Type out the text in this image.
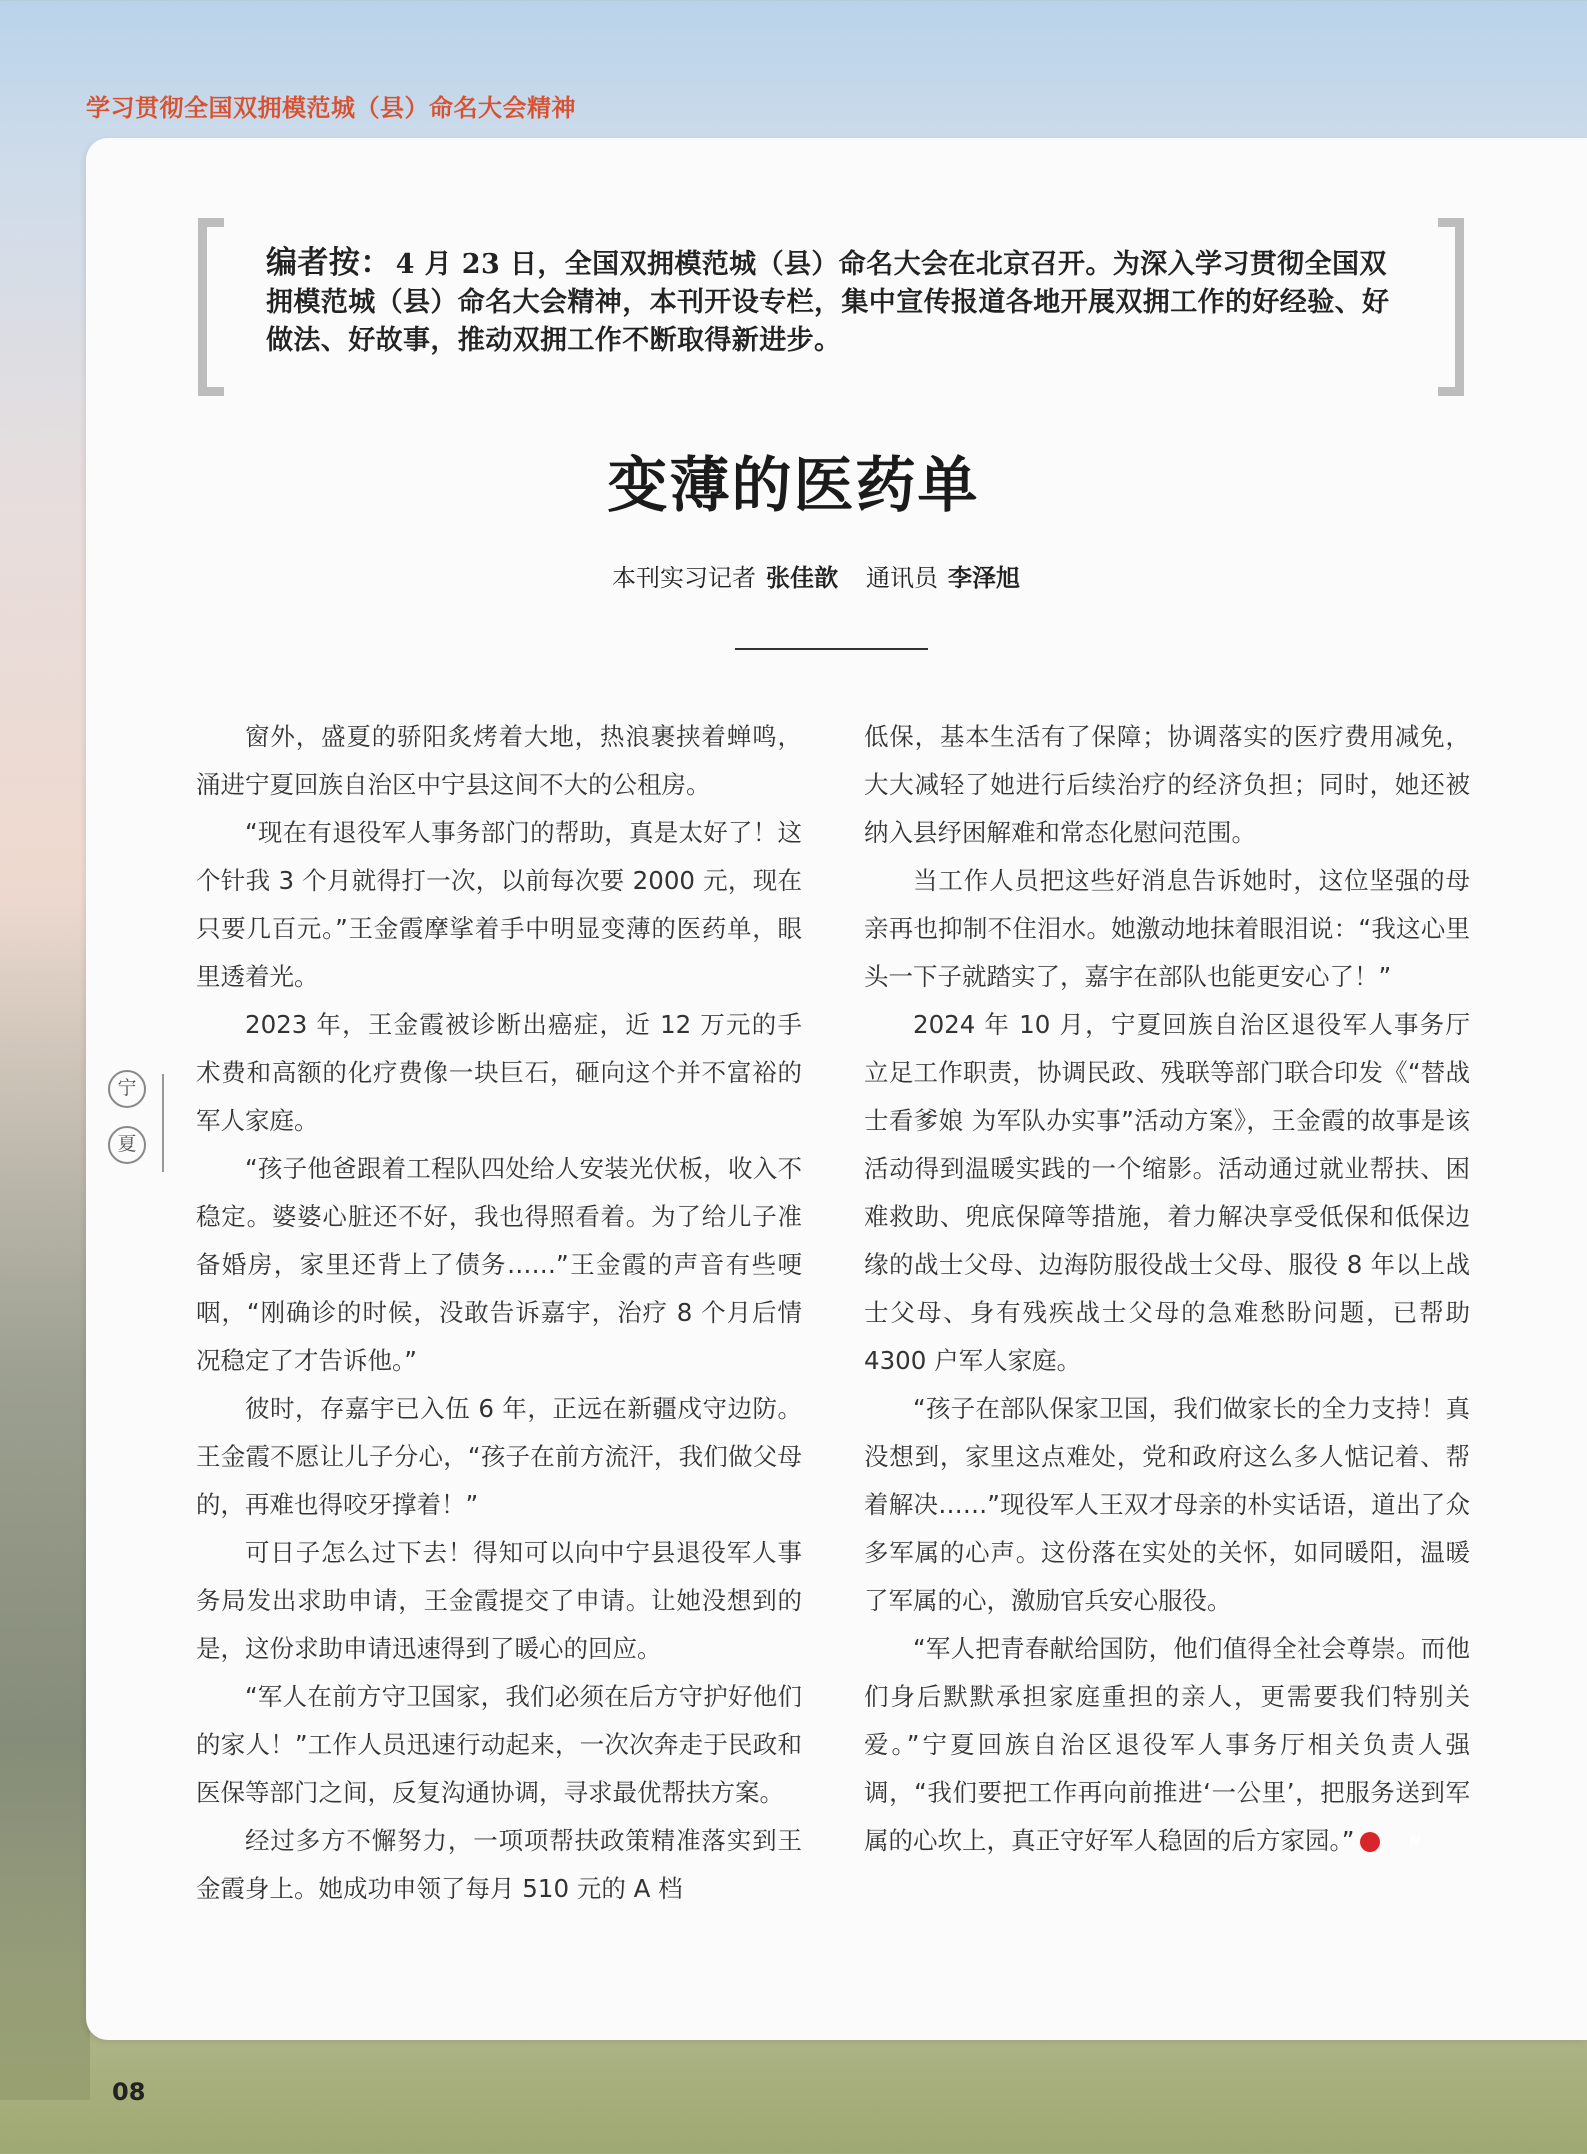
学习贯彻全国双拥模范城（县）命名大会精神
宁
夏
编者按： 4 月 23 日，全国双拥模范城（县）命名大会在北京召开。为深入学习贯彻全国双拥模范城（县）命名大会精神，本刊开设专栏，集中宣传报道各地开展双拥工作的好经验、好做法、好故事，推动双拥工作不断取得新进步。
变薄的医药单
本刊实习记者 张佳歆 通讯员 李泽旭

窗外，盛夏的骄阳炙烤着大地，热浪裹挟着蝉鸣，涌进宁夏回族自治区中宁县这间不大的公租房。

“现在有退役军人事务部门的帮助，真是太好了！这个针我 3 个月就得打一次，以前每次要 2000 元，现在只要几百元。”王金霞摩挲着手中明显变薄的医药单，眼里透着光。

2023 年，王金霞被诊断出癌症，近 12 万元的手术费和高额的化疗费像一块巨石，砸向这个并不富裕的军人家庭。

“孩子他爸跟着工程队四处给人安装光伏板，收入不稳定。婆婆心脏还不好，我也得照看着。为了给儿子准备婚房，家里还背上了债务……”王金霞的声音有些哽咽，“刚确诊的时候，没敢告诉嘉宇，治疗 8 个月后情况稳定了才告诉他。”

彼时，存嘉宇已入伍 6 年，正远在新疆戍守边防。王金霞不愿让儿子分心，“孩子在前方流汗，我们做父母的，再难也得咬牙撑着！”

可日子怎么过下去！得知可以向中宁县退役军人事务局发出求助申请，王金霞提交了申请。让她没想到的是，这份求助申请迅速得到了暖心的回应。

“军人在前方守卫国家，我们必须在后方守护好他们的家人！”工作人员迅速行动起来，一次次奔走于民政和医保等部门之间，反复沟通协调，寻求最优帮扶方案。

经过多方不懈努力，一项项帮扶政策精准落实到王金霞身上。她成功申领了每月 510 元的 A 档

低保，基本生活有了保障；协调落实的医疗费用减免，大大减轻了她进行后续治疗的经济负担；同时，她还被纳入县纾困解难和常态化慰问范围。

当工作人员把这些好消息告诉她时，这位坚强的母亲再也抑制不住泪水。她激动地抹着眼泪说：“我这心里头一下子就踏实了，嘉宇在部队也能更安心了！”

2024 年 10 月，宁夏回族自治区退役军人事务厅立足工作职责，协调民政、残联等部门联合印发《“替战士看爹娘 为军队办实事”活动方案》，王金霞的故事是该活动得到温暖实践的一个缩影。活动通过就业帮扶、困难救助、兜底保障等措施，着力解决享受低保和低保边缘的战士父母、边海防服役战士父母、服役 8 年以上战士父母、身有残疾战士父母的急难愁盼问题，已帮助 4300 户军人家庭。

“孩子在部队保家卫国，我们做家长的全力支持！真没想到，家里这点难处，党和政府这么多人惦记着、帮着解决……”现役军人王双才母亲的朴实话语，道出了众多军属的心声。这份落在实处的关怀，如同暖阳，温暖了军属的心，激励官兵安心服役。

“军人把青春献给国防，他们值得全社会尊崇。而他们身后默默承担家庭重担的亲人，更需要我们特别关爱。”宁夏回族自治区退役军人事务厅相关负责人强调，“我们要把工作再向前推进‘一公里’，把服务送到军属的心坎上，真正守好军人稳固的后方家园。”	N

08
